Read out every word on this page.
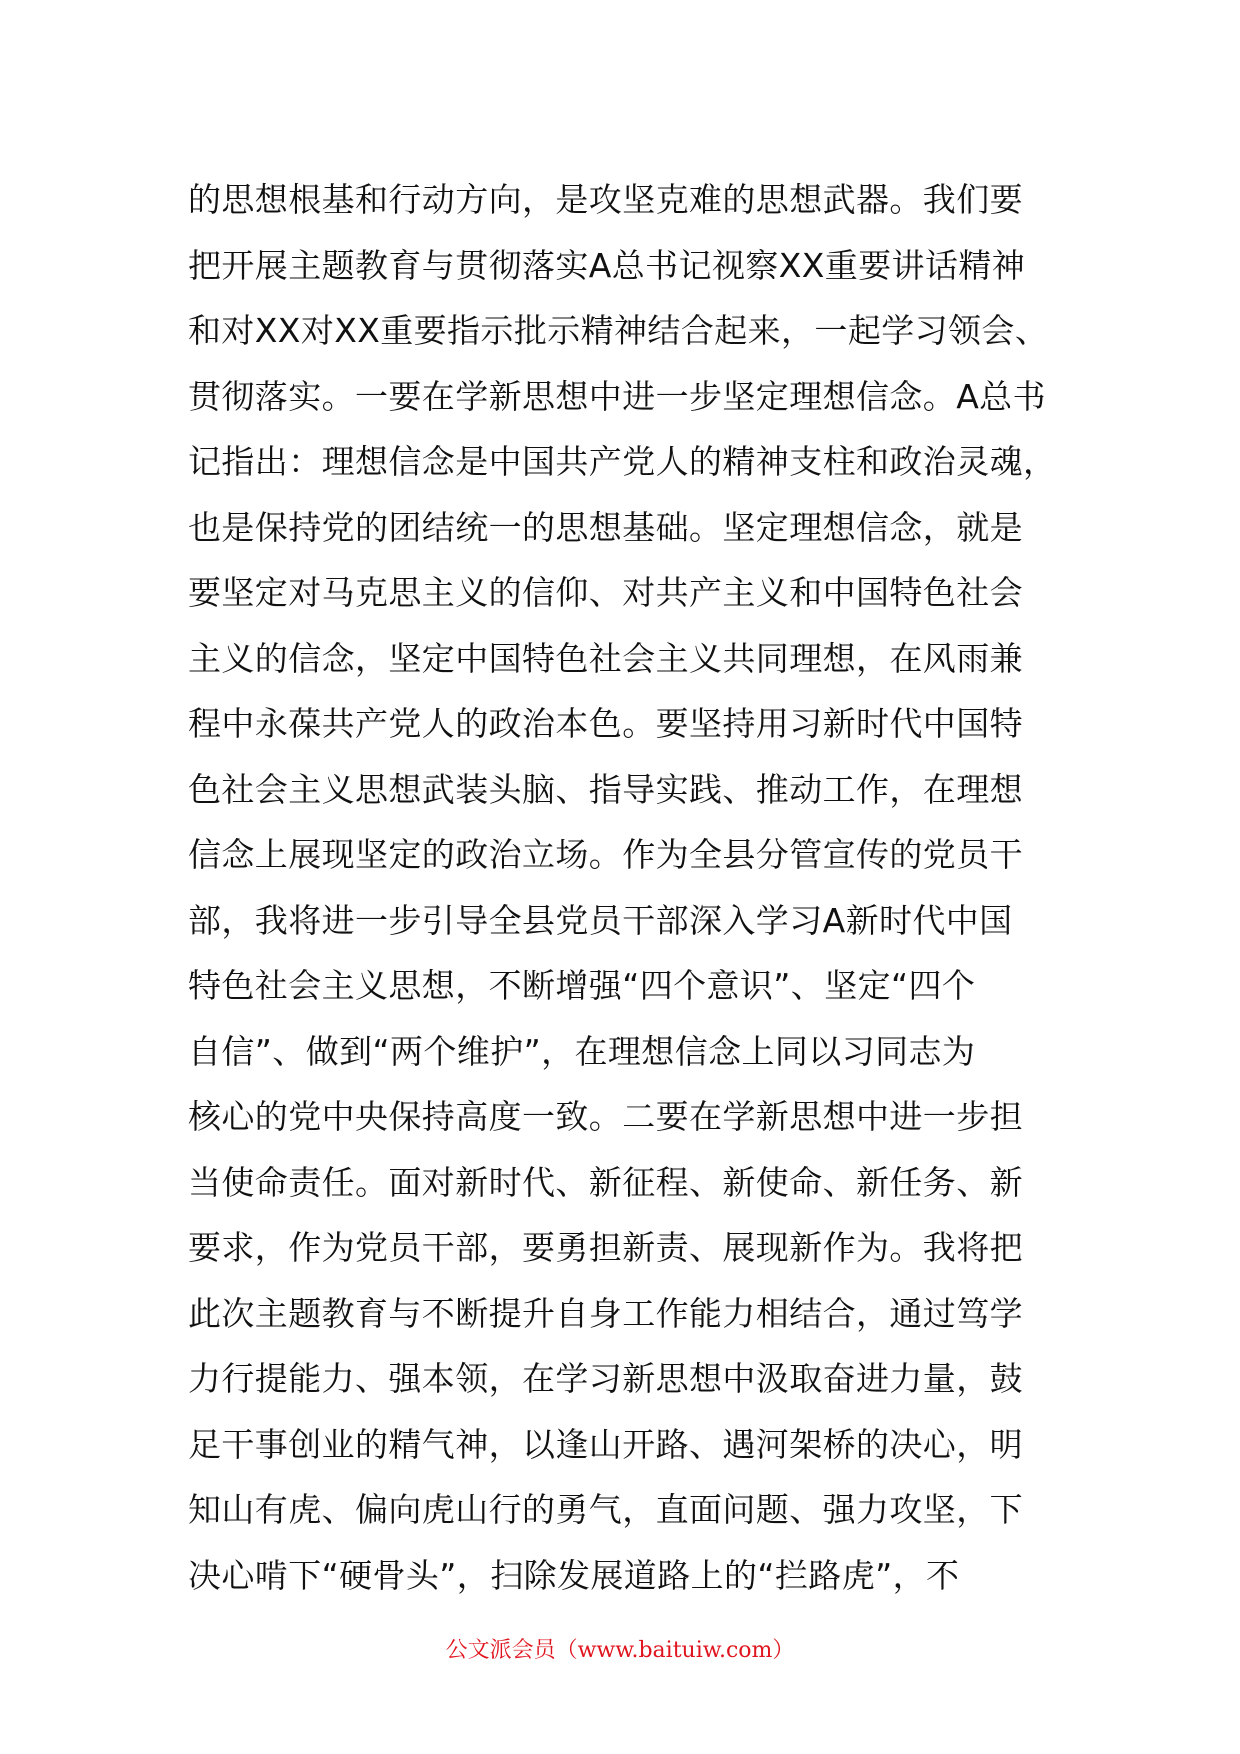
的思想根基和行动方向，是攻坚克难的思想武器。我们要
把开展主题教育与贯彻落实A总书记视察XX重要讲话精神
和对XX对XX重要指示批示精神结合起来，一起学习领会、
贯彻落实。一要在学新思想中进一步坚定理想信念。A总书
记指出：理想信念是中国共产党人的精神支柱和政治灵魂，
也是保持党的团结统一的思想基础。坚定理想信念，就是
要坚定对马克思主义的信仰、对共产主义和中国特色社会
主义的信念，坚定中国特色社会主义共同理想，在风雨兼
程中永葆共产党人的政治本色。要坚持用习新时代中国特
色社会主义思想武装头脑、指导实践、推动工作，在理想
信念上展现坚定的政治立场。作为全县分管宣传的党员干
部，我将进一步引导全县党员干部深入学习A新时代中国
特色社会主义思想，不断增强“四个意识”、坚定“四个
自信”、做到“两个维护”，在理想信念上同以习同志为
核心的党中央保持高度一致。二要在学新思想中进一步担
当使命责任。面对新时代、新征程、新使命、新任务、新
要求，作为党员干部，要勇担新责、展现新作为。我将把
此次主题教育与不断提升自身工作能力相结合，通过笃学
力行提能力、强本领，在学习新思想中汲取奋进力量，鼓
足干事创业的精气神，以逢山开路、遇河架桥的决心，明
知山有虎、偏向虎山行的勇气，直面问题、强力攻坚，下
决心啃下“硬骨头”，扫除发展道路上的“拦路虎”，不
公文派会员（www.baituiw.com）
